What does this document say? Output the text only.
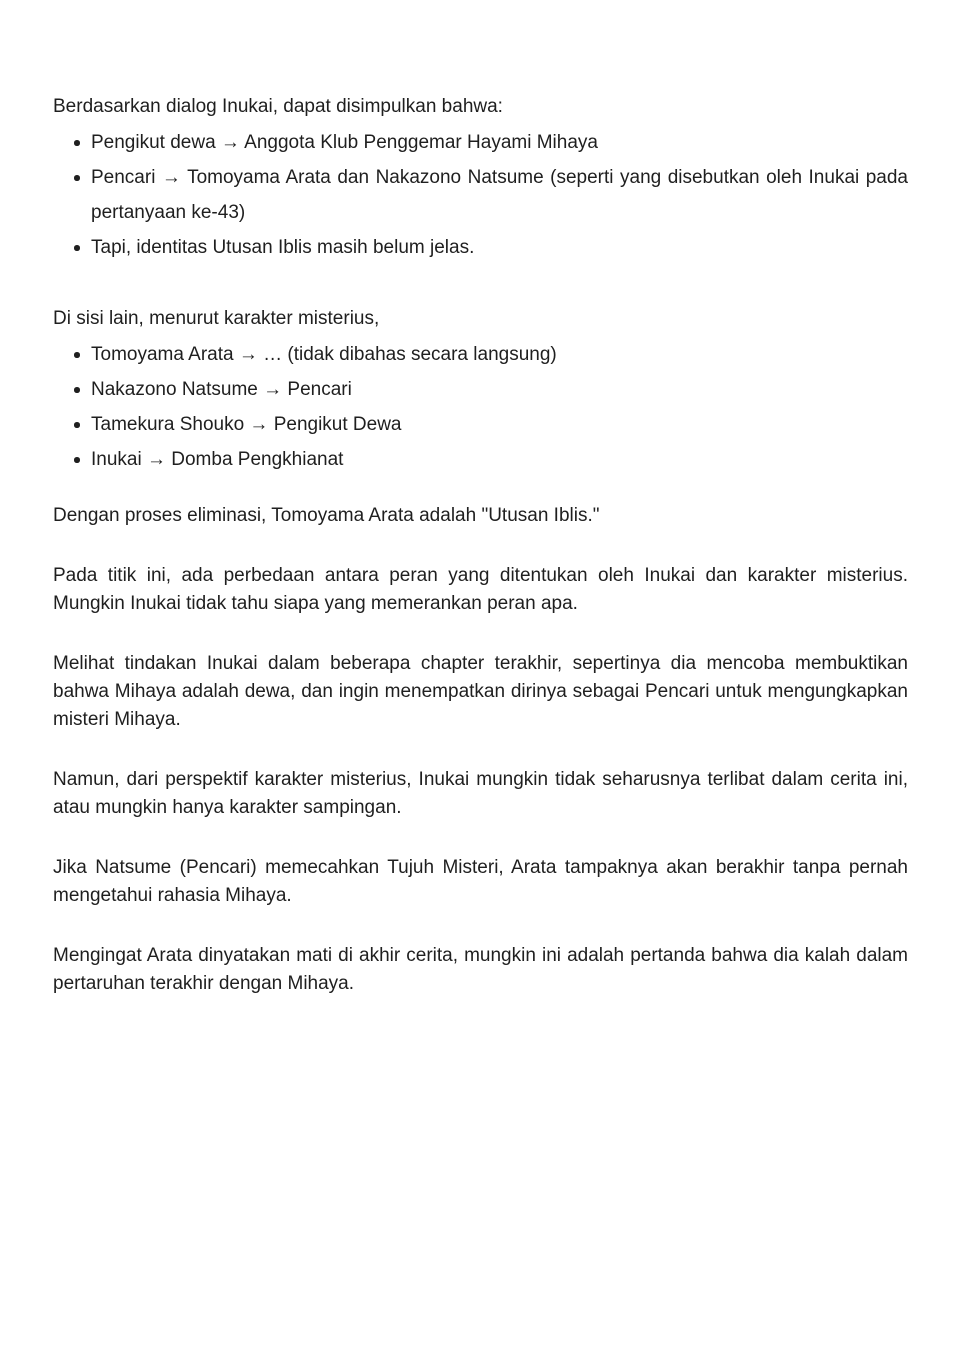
Berdasarkan dialog Inukai, dapat disimpulkan bahwa:

Pengikut dewa → Anggota Klub Penggemar Hayami Mihaya
Pencari → Tomoyama Arata dan Nakazono Natsume (seperti yang disebutkan oleh Inukai pada pertanyaan ke-43)
Tapi, identitas Utusan Iblis masih belum jelas.

Di sisi lain, menurut karakter misterius,

Tomoyama Arata → … (tidak dibahas secara langsung)
Nakazono Natsume → Pencari
Tamekura Shouko → Pengikut Dewa
Inukai → Domba Pengkhianat

Dengan proses eliminasi, Tomoyama Arata adalah "Utusan Iblis."

Pada titik ini, ada perbedaan antara peran yang ditentukan oleh Inukai dan karakter misterius. Mungkin Inukai tidak tahu siapa yang memerankan peran apa.

Melihat tindakan Inukai dalam beberapa chapter terakhir, sepertinya dia mencoba membuktikan bahwa Mihaya adalah dewa, dan ingin menempatkan dirinya sebagai Pencari untuk mengungkapkan misteri Mihaya.

Namun, dari perspektif karakter misterius, Inukai mungkin tidak seharusnya terlibat dalam cerita ini, atau mungkin hanya karakter sampingan.

Jika Natsume (Pencari) memecahkan Tujuh Misteri, Arata tampaknya akan berakhir tanpa pernah mengetahui rahasia Mihaya.

Mengingat Arata dinyatakan mati di akhir cerita, mungkin ini adalah pertanda bahwa dia kalah dalam pertaruhan terakhir dengan Mihaya.
